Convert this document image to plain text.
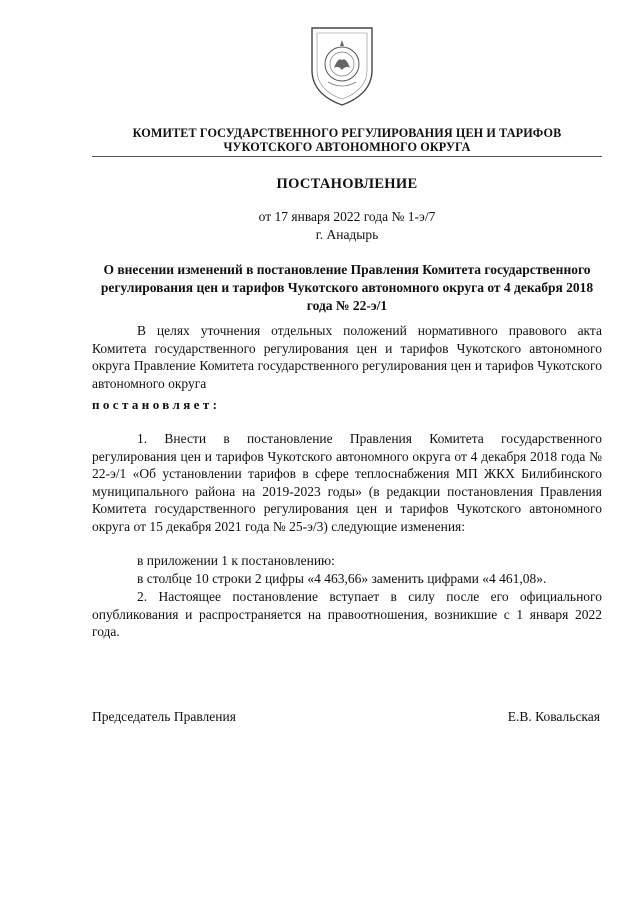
КОМИТЕТ ГОСУДАРСТВЕННОГО РЕГУЛИРОВАНИЯ ЦЕН И ТАРИФОВ
ЧУКОТСКОГО АВТОНОМНОГО ОКРУГА
ПОСТАНОВЛЕНИЕ
от 17 января 2022 года № 1-э/7
г. Анадырь
О внесении изменений в постановление Правления Комитета государственного регулирования цен и тарифов Чукотского автономного округа от 4 декабря 2018 года № 22-э/1
В целях уточнения отдельных положений нормативного правового акта Комитета государственного регулирования цен и тарифов Чукотского автономного округа Правление Комитета государственного регулирования цен и тарифов Чукотского автономного округа
постановляет:
1. Внести в постановление Правления Комитета государственного регулирования цен и тарифов Чукотского автономного округа от 4 декабря 2018 года № 22-э/1 «Об установлении тарифов в сфере теплоснабжения МП ЖКХ Билибинского муниципального района на 2019-2023 годы» (в редакции постановления Правления Комитета государственного регулирования цен и тарифов Чукотского автономного округа от 15 декабря 2021 года № 25-э/3) следующие изменения:
в приложении 1 к постановлению:
в столбце 10 строки 2 цифры «4 463,66» заменить цифрами «4 461,08».
2. Настоящее постановление вступает в силу после его официального опубликования и распространяется на правоотношения, возникшие с 1 января 2022 года.
Председатель Правления	Е.В. Ковальская
